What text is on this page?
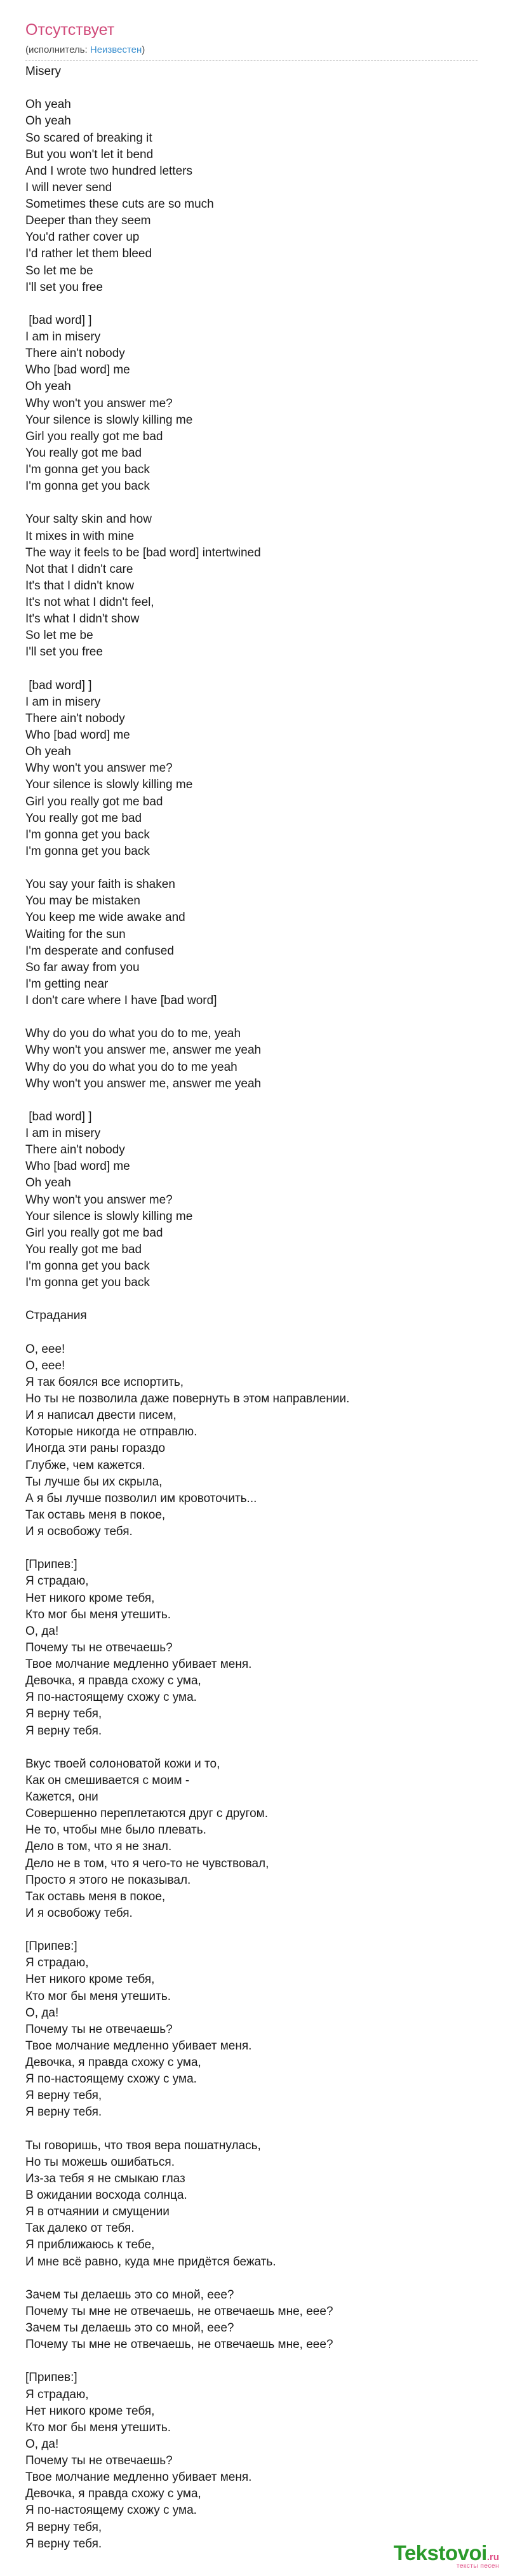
Отсутствует
(исполнитель: Неизвестен)
Misery

Oh yeah
Oh yeah
So scared of breaking it
But you won't let it bend
And I wrote two hundred letters
I will never send
Sometimes these cuts are so much
Deeper than they seem
You'd rather cover up
I'd rather let them bleed
So let me be
I'll set you free

[bad word] ]
I am in misery
There ain't nobody
Who [bad word] me
Oh yeah
Why won't you answer me?
Your silence is slowly killing me
Girl you really got me bad
You really got me bad
I'm gonna get you back
I'm gonna get you back

Your salty skin and how
It mixes in with mine
The way it feels to be [bad word] intertwined
Not that I didn't care
It's that I didn't know
It's not what I didn't feel,
It's what I didn't show
So let me be
I'll set you free

[bad word] ]
I am in misery
There ain't nobody
Who [bad word] me
Oh yeah
Why won't you answer me?
Your silence is slowly killing me
Girl you really got me bad
You really got me bad
I'm gonna get you back
I'm gonna get you back

You say your faith is shaken
You may be mistaken
You keep me wide awake and
Waiting for the sun
I'm desperate and confused
So far away from you
I'm getting near
I don't care where I have [bad word]

Why do you do what you do to me, yeah
Why won't you answer me, answer me yeah
Why do you do what you do to me yeah
Why won't you answer me, answer me yeah

[bad word] ]
I am in misery
There ain't nobody
Who [bad word] me
Oh yeah
Why won't you answer me?
Your silence is slowly killing me
Girl you really got me bad
You really got me bad
I'm gonna get you back
I'm gonna get you back

Страдания

О, еее!
О, еее!
Я так боялся все испортить,
Но ты не позволила даже повернуть в этом направлении.
И я написал двести писем,
Которые никогда не отправлю.
Иногда эти раны гораздо
Глубже, чем кажется.
Ты лучше бы их скрыла,
А я бы лучше позволил им кровоточить...
Так оставь меня в покое,
И я освобожу тебя.

[Припев:]
Я страдаю,
Нет никого кроме тебя,
Кто мог бы меня утешить.
О, да!
Почему ты не отвечаешь?
Твое молчание медленно убивает меня.
Девочка, я правда схожу с ума,
Я по-настоящему схожу с ума.
Я верну тебя,
Я верну тебя.

Вкус твоей солоноватой кожи и то,
Как он смешивается с моим -
Кажется, они
Совершенно переплетаются друг с другом.
Не то, чтобы мне было плевать.
Дело в том, что я не знал.
Дело не в том, что я чего-то не чувствовал,
Просто я этого не показывал.
Так оставь меня в покое,
И я освобожу тебя.

[Припев:]
Я страдаю,
Нет никого кроме тебя,
Кто мог бы меня утешить.
О, да!
Почему ты не отвечаешь?
Твое молчание медленно убивает меня.
Девочка, я правда схожу с ума,
Я по-настоящему схожу с ума.
Я верну тебя,
Я верну тебя.

Ты говоришь, что твоя вера пошатнулась,
Но ты можешь ошибаться.
Из-за тебя я не смыкаю глаз
В ожидании восхода солнца.
Я в отчаянии и смущении
Так далеко от тебя.
Я приближаюсь к тебе,
И мне всё равно, куда мне придётся бежать.

Зачем ты делаешь это со мной, еее?
Почему ты мне не отвечаешь, не отвечаешь мне, еее?
Зачем ты делаешь это со мной, еее?
Почему ты мне не отвечаешь, не отвечаешь мне, еее?

[Припев:]
Я страдаю,
Нет никого кроме тебя,
Кто мог бы меня утешить.
О, да!
Почему ты не отвечаешь?
Твое молчание медленно убивает меня.
Девочка, я правда схожу с ума,
Я по-настоящему схожу с ума.
Я верну тебя,
Я верну тебя.	Tekstovoi.ru
тексты песен
